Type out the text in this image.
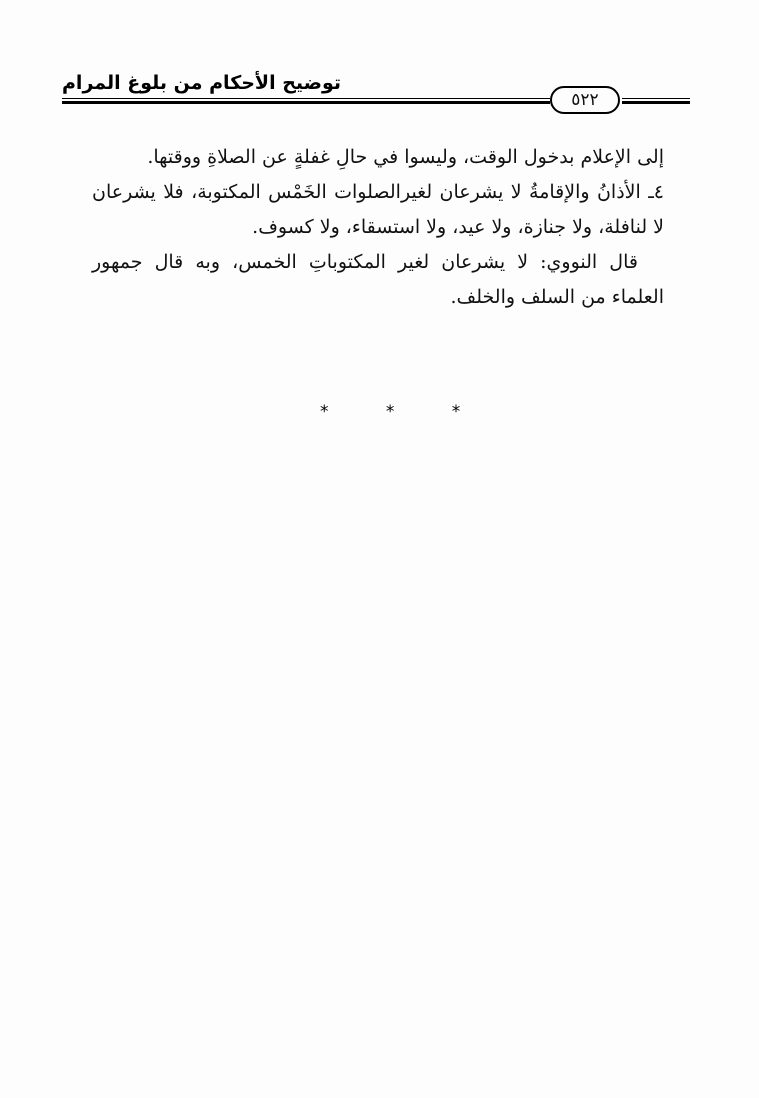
توضيح الأحكام من بلوغ المرام
٥٢٢

إلى الإعلام بدخول الوقت، وليسوا في حالِ غفلةٍ عن الصلاةِ ووقتها.

٤ـ الأذانُ والإقامةُ لا يشرعان لغيرالصلوات الخَمْس المكتوبة، فلا يشرعان لا لنافلة، ولا جنازة، ولا عيد، ولا استسقاء، ولا كسوف.

قال النووي: لا يشرعان لغير المكتوباتِ الخمس، وبه قال جمهور العلماء من السلف والخلف.

* * *
